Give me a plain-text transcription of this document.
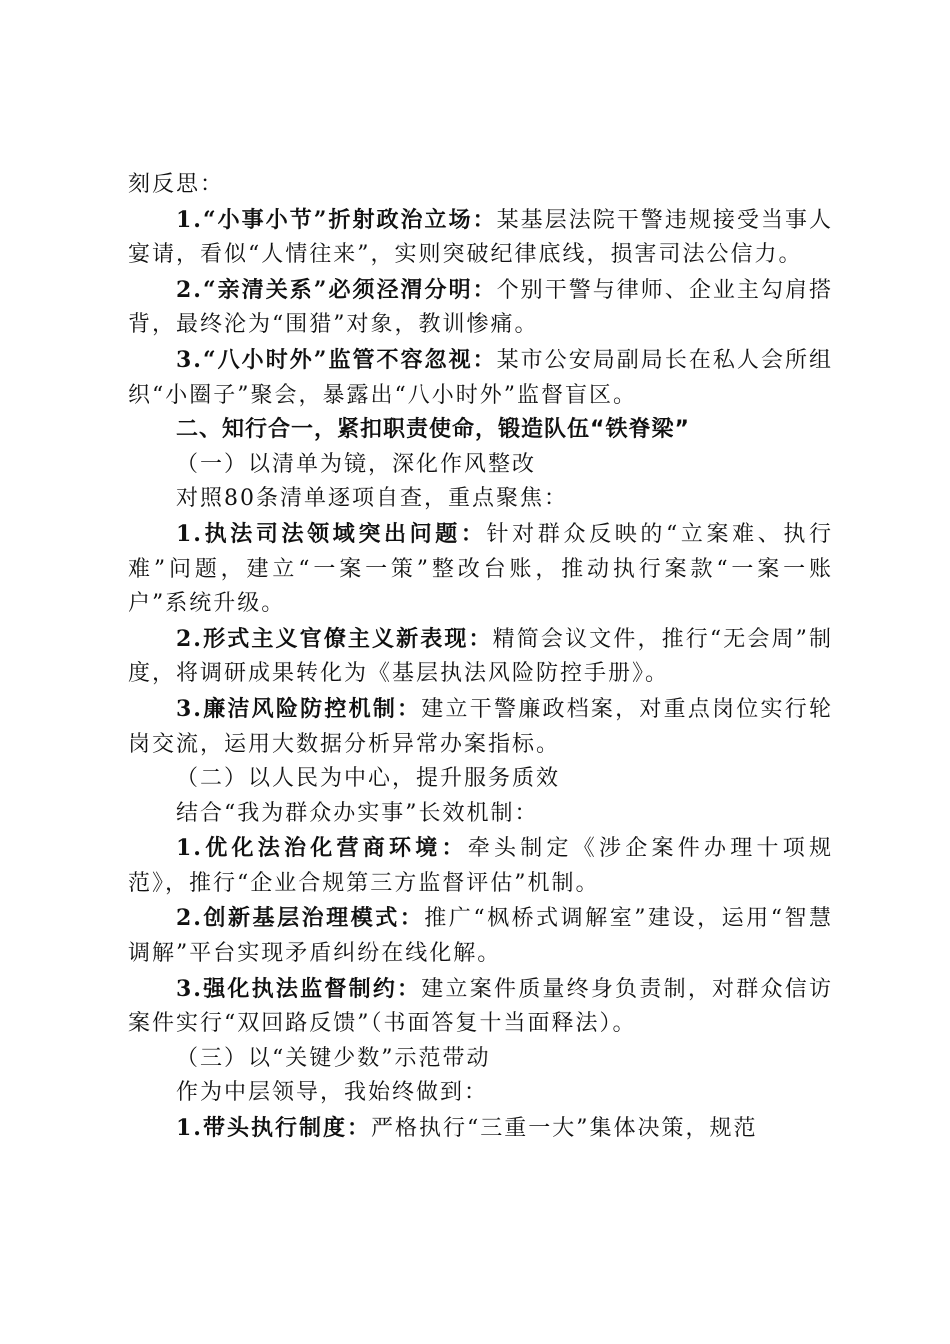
刻反思：

1.“小事小节”折射政治立场：某基层法院干警违规接受当事人宴请，看似“人情往来”，实则突破纪律底线，损害司法公信力。

2.“亲清关系”必须泾渭分明：个别干警与律师、企业主勾肩搭背，最终沦为“围猎”对象，教训惨痛。

3.“八小时外”监管不容忽视：某市公安局副局长在私人会所组织“小圈子”聚会，暴露出“八小时外”监督盲区。

二、知行合一，紧扣职责使命，锻造队伍“铁脊梁”

（一）以清单为镜，深化作风整改

对照80条清单逐项自查，重点聚焦：

1.执法司法领域突出问题：针对群众反映的“立案难、执行难”问题，建立“一案一策”整改台账，推动执行案款“一案一账户”系统升级。

2.形式主义官僚主义新表现：精简会议文件，推行“无会周”制度，将调研成果转化为《基层执法风险防控手册》。

3.廉洁风险防控机制：建立干警廉政档案，对重点岗位实行轮岗交流，运用大数据分析异常办案指标。

（二）以人民为中心，提升服务质效

结合“我为群众办实事”长效机制：

1.优化法治化营商环境：牵头制定《涉企案件办理十项规范》，推行“企业合规第三方监督评估”机制。

2.创新基层治理模式：推广“枫桥式调解室”建设，运用“智慧调解”平台实现矛盾纠纷在线化解。

3.强化执法监督制约：建立案件质量终身负责制，对群众信访案件实行“双回路反馈”（书面答复十当面释法）。

（三）以“关键少数”示范带动

作为中层领导，我始终做到：

1.带头执行制度：严格执行“三重一大”集体决策，规范
